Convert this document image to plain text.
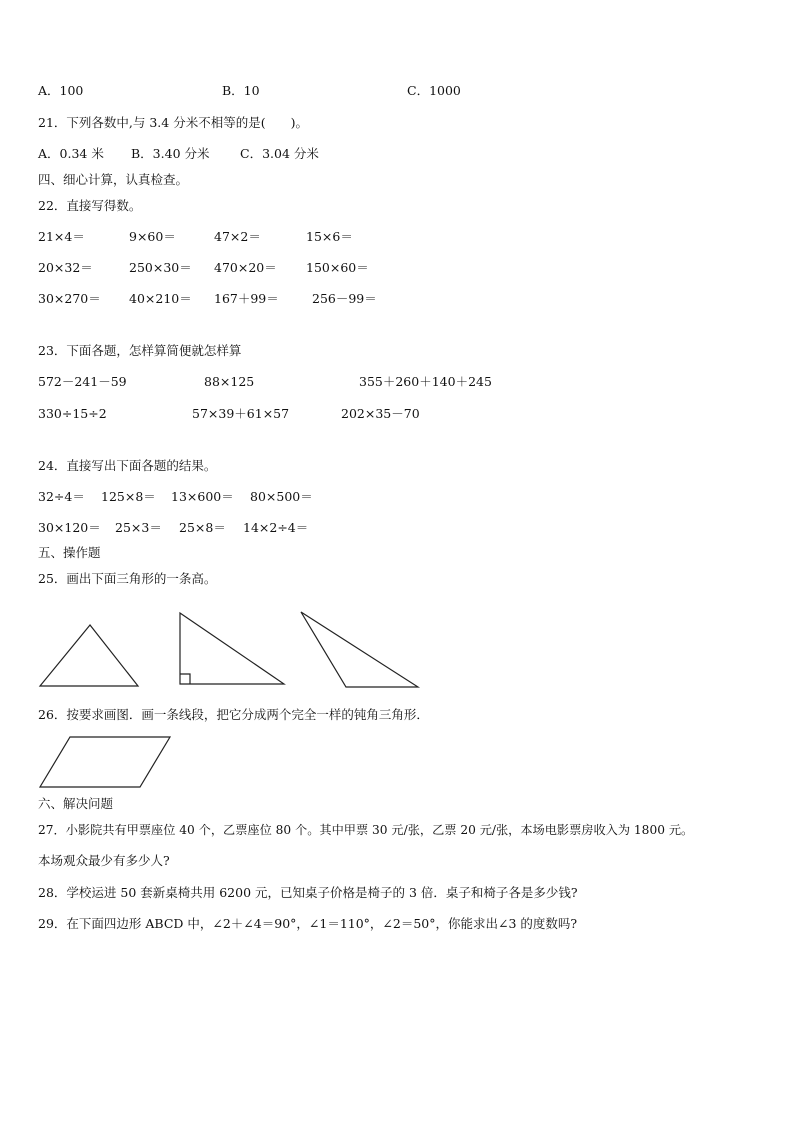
A．100	B．10	C．1000
21．下列各数中,与 3.4 分米不相等的是(　　)。
A．0.34 米 B．3.40 分米 C．3.04 分米
四、细心计算，认真检查。
22．直接写得数。
21×4＝	9×60＝	47×2＝	15×6＝
20×32＝	250×30＝ 470×20＝ 150×60＝
30×270＝ 40×210＝ 167＋99＝	256－99＝
23．下面各题，怎样算简便就怎样算
572－241－59	88×125	355＋260＋140＋245
330÷15÷2	57×39＋61×57	202×35－70
24．直接写出下面各题的结果。
32÷4＝ 125×8＝ 13×600＝ 80×500＝
30×120＝ 25×3＝ 25×8＝ 14×2÷4＝
五、操作题
25．画出下面三角形的一条高。
26．按要求画图．画一条线段，把它分成两个完全一样的钝角三角形．
六、解决问题
27．小影院共有甲票座位 40 个，乙票座位 80 个。其中甲票 30 元/张，乙票 20 元/张，本场电影票房收入为 1800 元。
本场观众最少有多少人?
28．学校运进 50 套新桌椅共用 6200 元，已知桌子价格是椅子的 3 倍．桌子和椅子各是多少钱?
29．在下面四边形 ABCD 中，∠2＋∠4＝90°，∠1＝110°，∠2＝50°，你能求出∠3 的度数吗?
